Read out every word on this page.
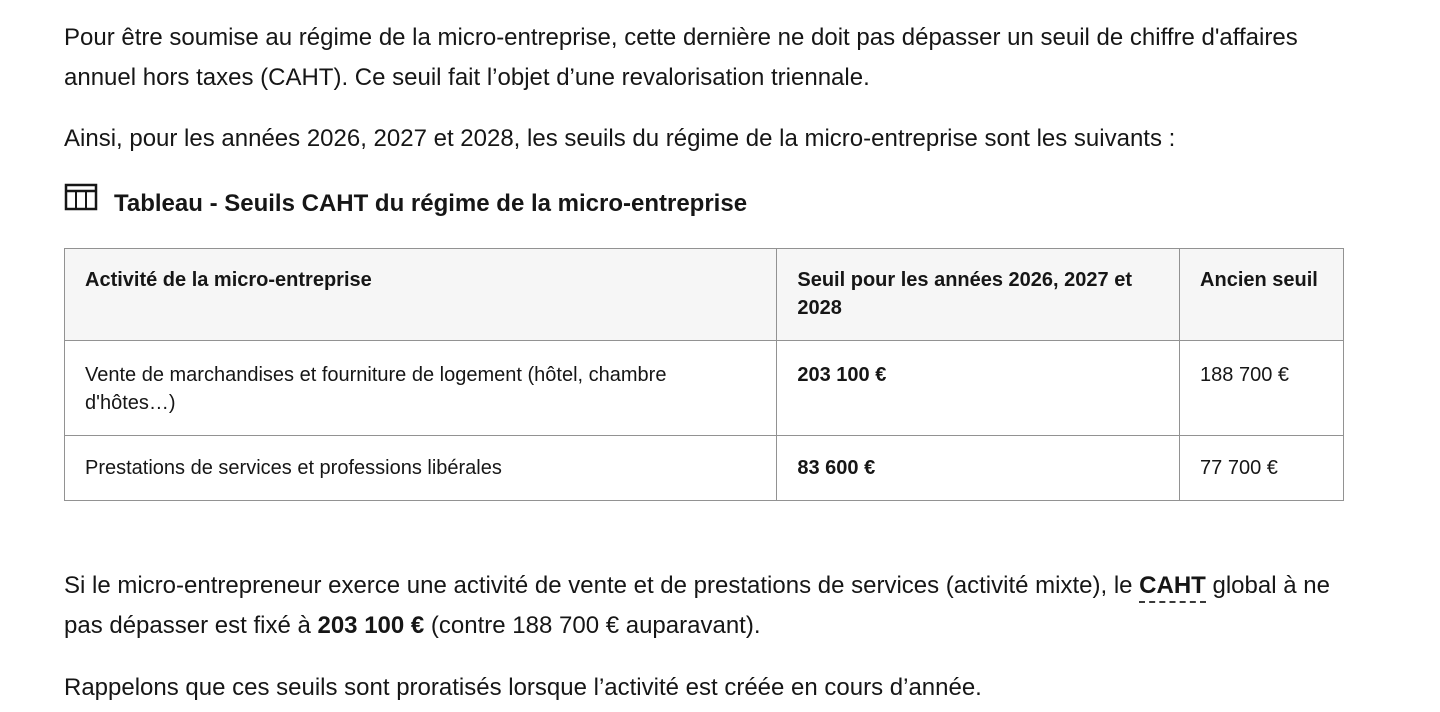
Pour être soumise au régime de la micro-entreprise, cette dernière ne doit pas dépasser un seuil de chiffre d'affaires annuel hors taxes (CAHT). Ce seuil fait l’objet d’une revalorisation triennale.

Ainsi, pour les années 2026, 2027 et 2028, les seuils du régime de la micro-entreprise sont les suivants :

Tableau - Seuils CAHT du régime de la micro-entreprise
Activité de la micro-entreprise	Seuil pour les années 2026, 2027 et 2028	Ancien seuil
Vente de marchandises et fourniture de logement (hôtel, chambre d'hôtes…)	203 100 €	188 700 €
Prestations de services et professions libérales	83 600 €	77 700 €

Si le micro-entrepreneur exerce une activité de vente et de prestations de services (activité mixte), le CAHT global à ne pas dépasser est fixé à 203 100 € (contre 188 700 € auparavant).

Rappelons que ces seuils sont proratisés lorsque l’activité est créée en cours d’année.
